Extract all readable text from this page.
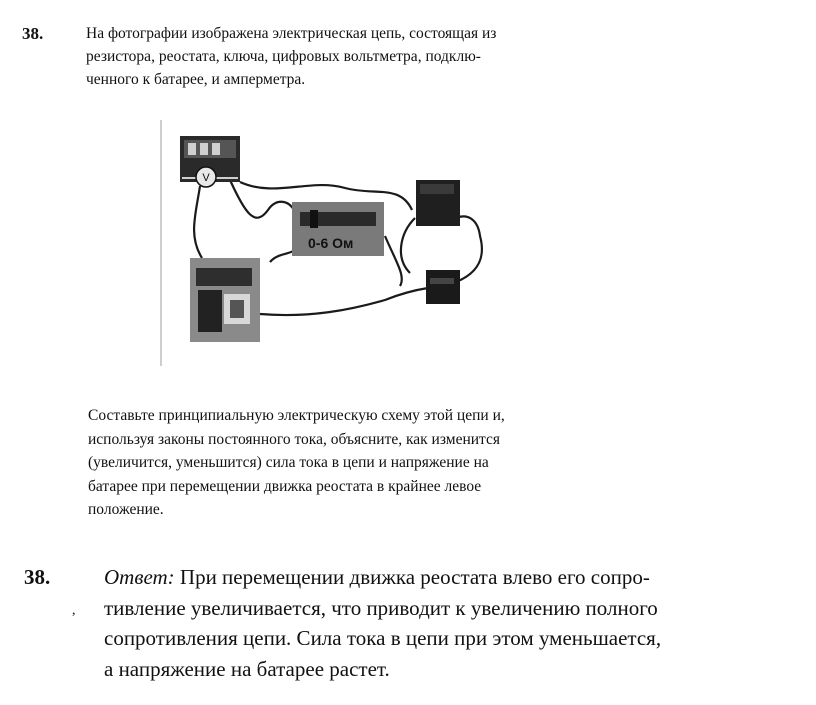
38.	На фотографии изображена электрическая цепь, состоящая из
резистора, реостата, ключа, цифровых вольтметра, подклю-
ченного к батарее, и амперметра.
V
0-6 Ом
Составьте принципиальную электрическую схему этой цепи и,
используя законы постоянного тока, объясните, как изменится
(увеличится, уменьшится) сила тока в цепи и напряжение на
батарее при перемещении движка реостата в крайнее левое
положение.
38.
,
Ответ: При перемещении движка реостата влево его сопро-
тивление увеличивается, что приводит к увеличению полного
сопротивления цепи. Сила тока в цепи при этом уменьшается,
а напряжение на батарее растет.
